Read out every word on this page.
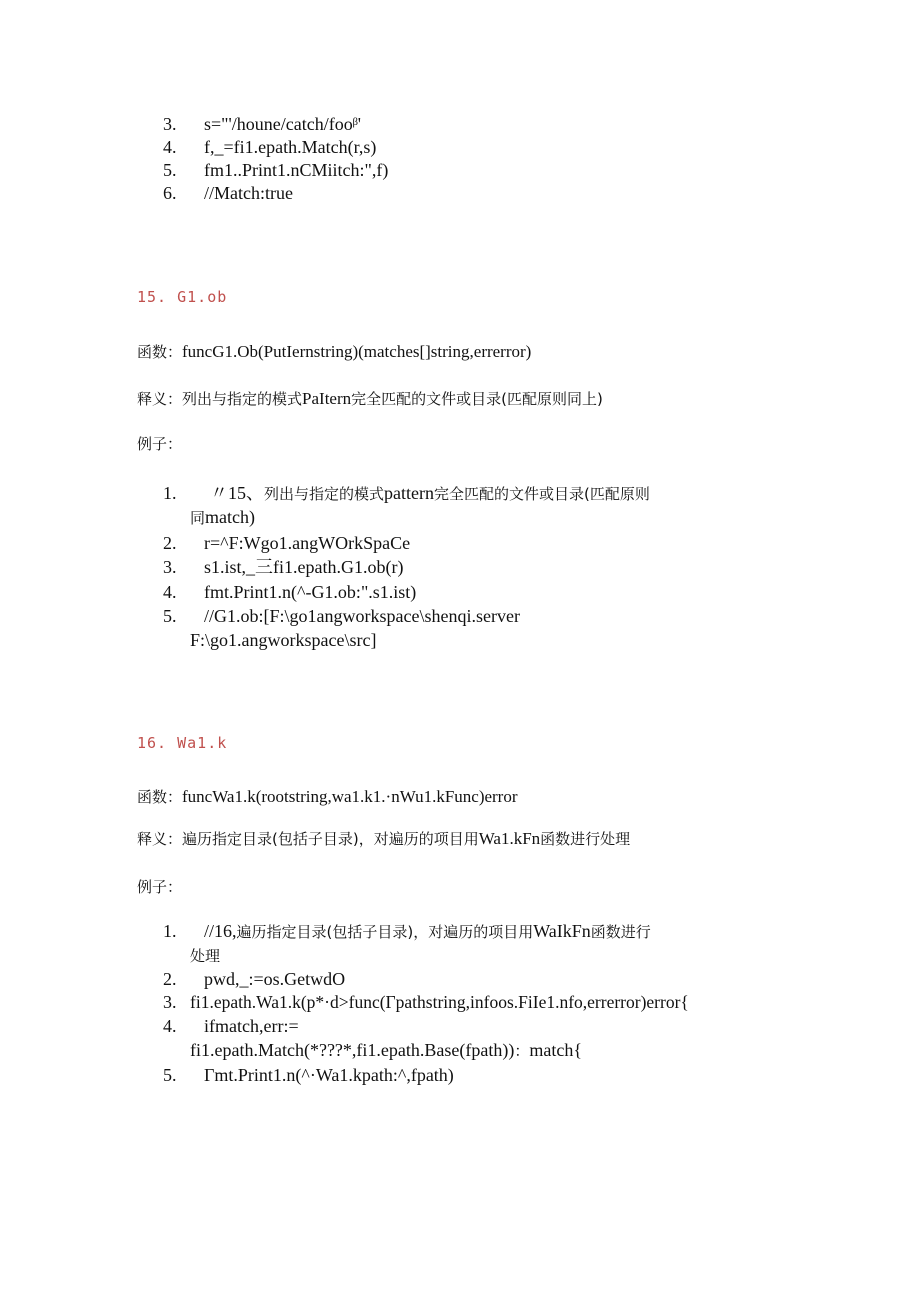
3.	s="'/houne/catch/fooᵝ'
4.	f,_=fi1.epath.Match(r,s)
5.	fm1..Print1.nCMiitch:",f)
6.	//Match:true
15. G1.ob
函数：funcG1.Ob(PutIernstring)(matches[]string,errerror)
释义：列出与指定的模式PaItern完全匹配的文件或目录(匹配原则同上)
例子：
1.	〃15、列出与指定的模式pattern完全匹配的文件或目录(匹配原则
同match)
2.	r=^F:Wgo1.angWOrkSpaCe
3.	s1.ist,_三fi1.epath.G1.ob(r)
4.	fmt.Print1.n(^-G1.ob:".s1.ist)
5.	//G1.ob:[F:\go1angworkspace\shenqi.server
F:\go1.angworkspace\src]
16. Wa1.k
函数：funcWa1.k(rootstring,wa1.k1.·nWu1.kFunc)error
释义：遍历指定目录(包括子目录)，对遍历的项目用Wa1.kFn函数进行处理
例子：
1.	//16,遍历指定目录(包括子目录)，对遍历的项目用WaIkFn函数进行
处理
2.	pwd,_:=os.GetwdO
3. fi1.epath.Wa1.k(p*·d>func(Γpathstring,infoos.FiIe1.nfo,errerror)error{
4.	ifmatch,err:=
fi1.epath.Match(*???*,fi1.epath.Base(fpath))：match{
5.	Γmt.Print1.n(^·Wa1.kpath:^,fpath)
